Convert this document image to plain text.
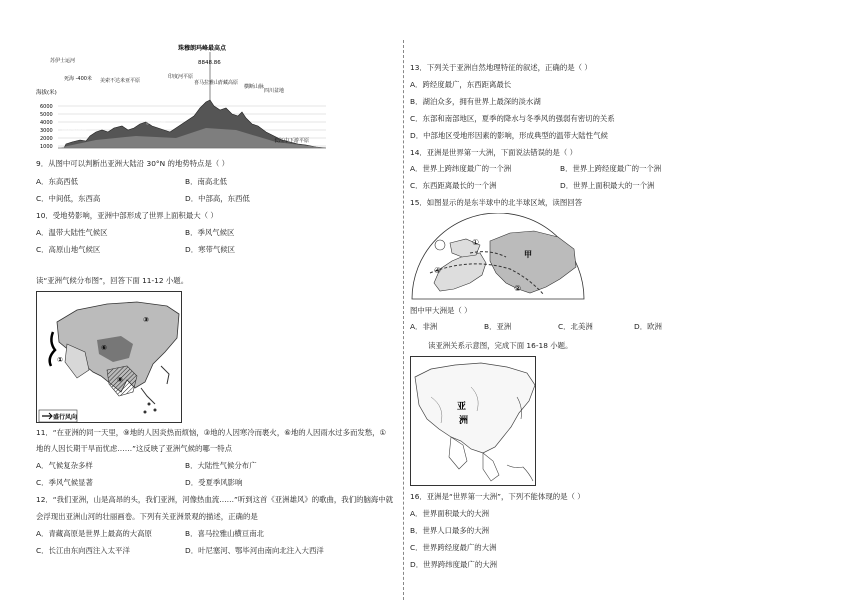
珠穆朗玛峰最高点
8848.86
海拔(米)
6000
5000
4000
3000
2000
1000
苏伊士运河
死海 -400米 美索不达米亚平原
伊朗高原
印度河平原
喜马拉雅山
青藏高原
横断山脉
四川盆地
阿拉伯高原
长江中下游平原
9．从图中可以判断出亚洲大陆沿 30°N 的地势特点是（ ）
A．东高西低	B．南高北低
C．中间低，东西高	D．中部高，东西低
10．受地势影响，亚洲中部形成了世界上面积最大（ ）
A．温带大陆性气候区	B．季风气候区
C．高原山地气候区	D．寒带气候区
读“亚洲气候分布图”，回答下面 11-12 小题。
①
⑥
⑨
③
盛行风向
11．“在亚洲的同一天里，⑨地的人因炎热而烦恼，③地的人因寒冷而裹火，⑥地的人因雨水过多而发愁，①
地的人因长期干旱而忧虑……”这反映了亚洲气候的哪一特点
A．气候复杂多样	B．大陆性气候分布广
C．季风气候显著	D．受夏季风影响
12．“我们亚洲，山是高昂的头，我们亚洲，河像热血流……”听到这首《亚洲雄风》的歌曲，我们的脑海中就
会浮现出亚洲山河的壮丽画卷。下列有关亚洲景观的描述，正确的是
A．青藏高原是世界上最高的大高原	B．喜马拉雅山横亘南北
C．长江由东向西注入太平洋	D．叶尼塞河、鄂毕河由南向北注入大西洋
13．下列关于亚洲自然地理特征的叙述，正确的是（ ）
A．跨经度最广，东西距离最长
B．湖泊众多，拥有世界上最深的淡水湖
C．东部和南部地区，夏季的降水与冬季风的强弱有密切的关系
D．中部地区受地形因素的影响，形成典型的温带大陆性气候
14．亚洲是世界第一大洲，下面说法错误的是（ ）
A．世界上跨纬度最广的一个洲	B．世界上跨经度最广的一个洲
C．东西距离最长的一个洲	D．世界上面积最大的一个洲
15．如图显示的是东半球中的北半球区域，读图回答
甲
①
②
④
图中甲大洲是（ ）
A．非洲	B．亚洲	C．北美洲	D．欧洲
读亚洲关系示意图，完成下面 16-18 小题。
亚
洲
16．亚洲是“世界第一大洲”，下列不能体现的是（ ）
A．世界面积最大的大洲
B．世界人口最多的大洲
C．世界跨经度最广的大洲
D．世界跨纬度最广的大洲
